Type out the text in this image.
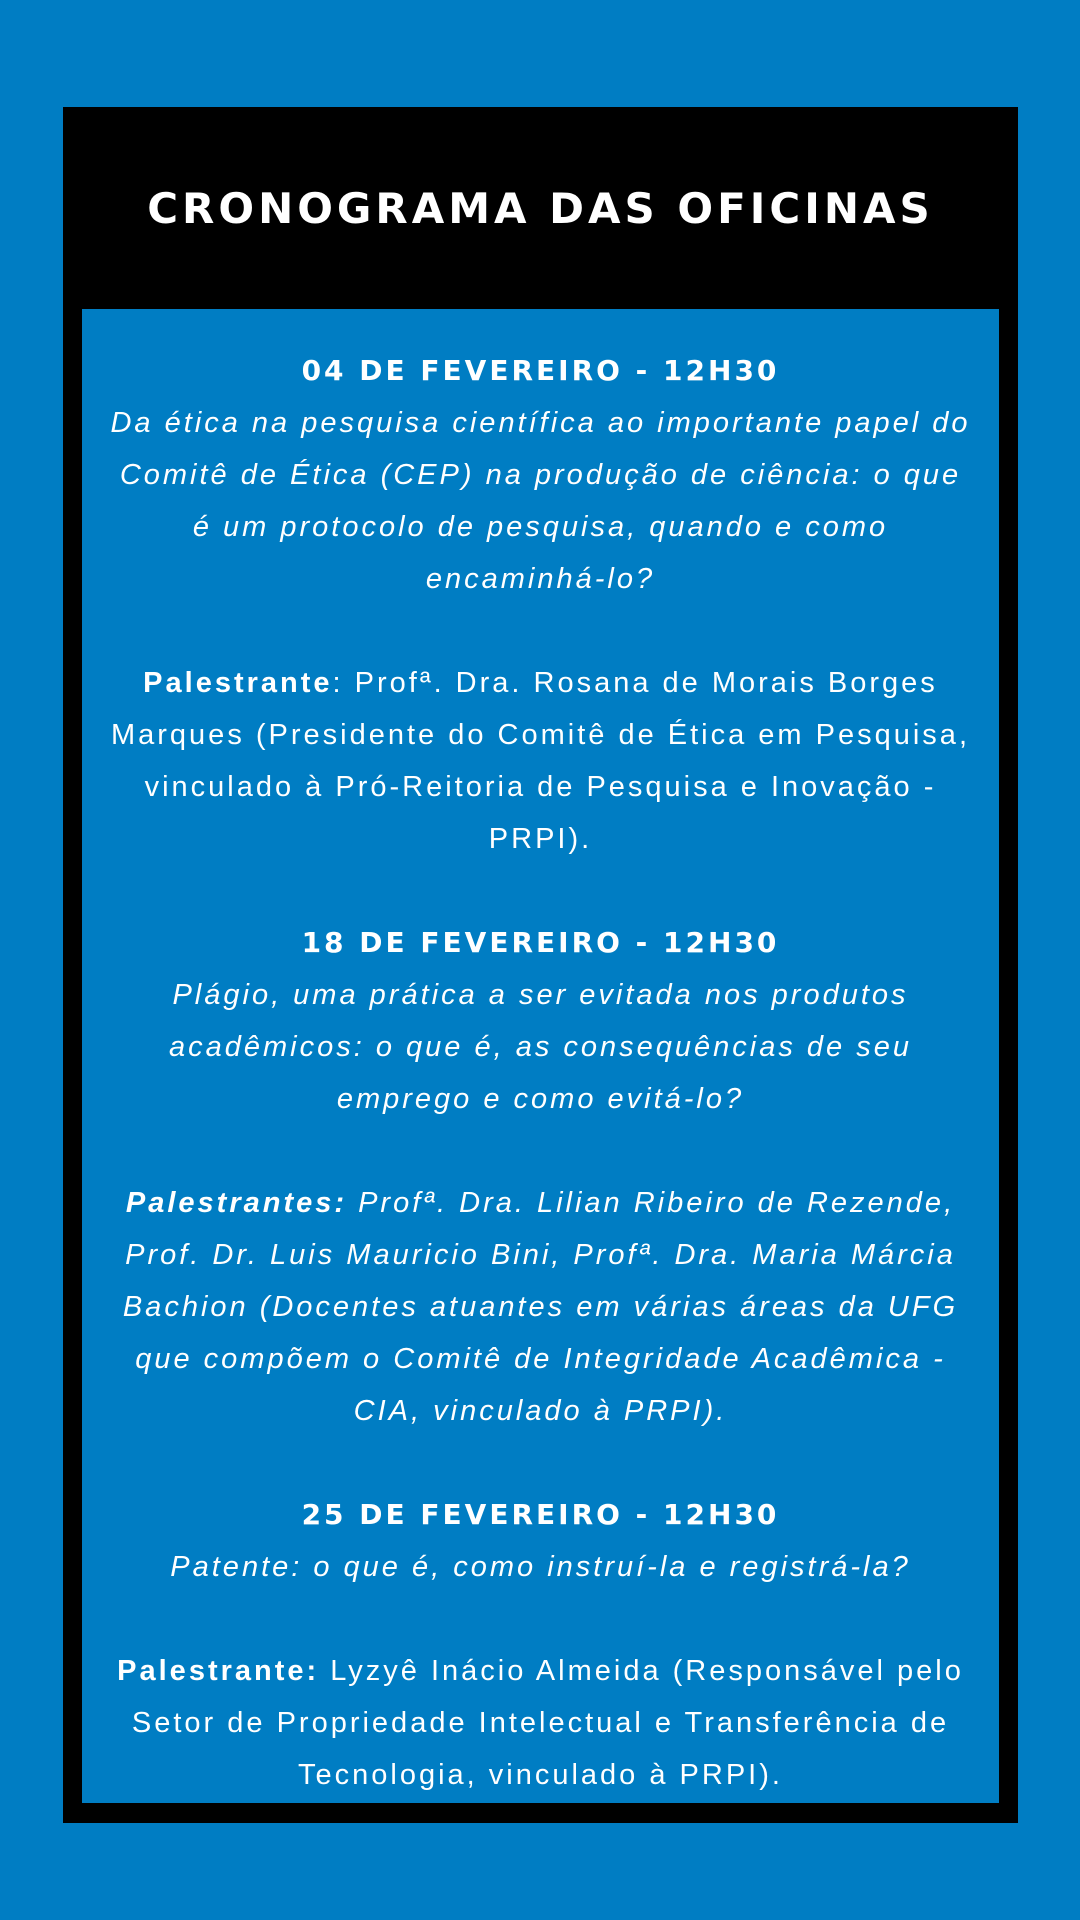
CRONOGRAMA DAS OFICINAS

04 DE FEVEREIRO - 12H30

Da ética na pesquisa científica ao importante papel do Comitê de Ética (CEP) na produção de ciência: o que é um protocolo de pesquisa, quando e como encaminhá-lo?

Palestrante: Profª. Dra. Rosana de Morais Borges Marques (Presidente do Comitê de Ética em Pesquisa, vinculado à Pró-Reitoria de Pesquisa e Inovação -PRPI).

18 DE FEVEREIRO - 12H30

Plágio, uma prática a ser evitada nos produtos acadêmicos: o que é, as consequências de seu emprego e como evitá-lo?

Palestrantes: Profª. Dra. Lilian Ribeiro de Rezende, Prof. Dr. Luis Mauricio Bini, Profª. Dra. Maria Márcia Bachion (Docentes atuantes em várias áreas da UFG que compõem o Comitê de Integridade Acadêmica -CIA, vinculado à PRPI).

25 DE FEVEREIRO - 12H30

Patente: o que é, como instruí-la e registrá-la?

Palestrante: Lyzyê Inácio Almeida (Responsável pelo Setor de Propriedade Intelectual e Transferência de Tecnologia, vinculado à PRPI).
